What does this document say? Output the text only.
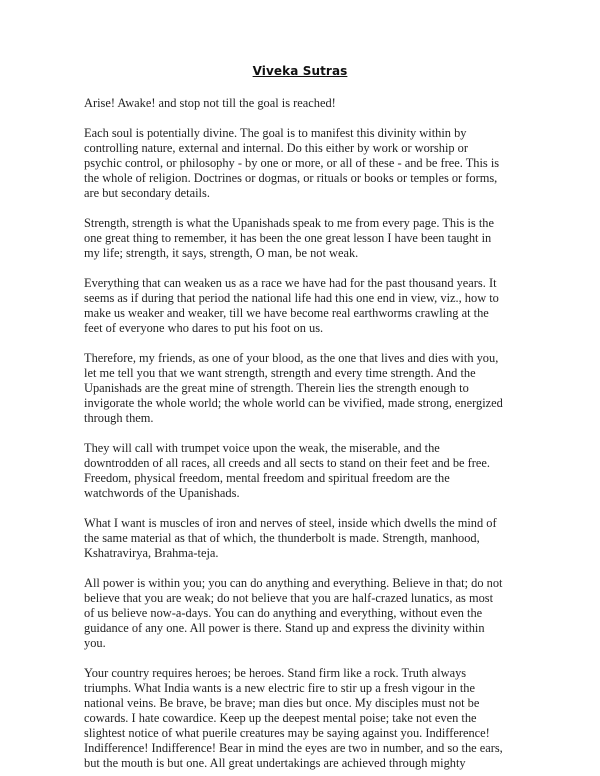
Viveka Sutras

Arise! Awake! and stop not till the goal is reached!

Each soul is potentially divine. The goal is to manifest this divinity within by
controlling nature, external and internal. Do this either by work or worship or
psychic control, or philosophy - by one or more, or all of these - and be free. This is
the whole of religion. Doctrines or dogmas, or rituals or books or temples or forms,
are but secondary details.

Strength, strength is what the Upanishads speak to me from every page. This is the
one great thing to remember, it has been the one great lesson I have been taught in
my life; strength, it says, strength, O man, be not weak.

Everything that can weaken us as a race we have had for the past thousand years. It
seems as if during that period the national life had this one end in view, viz., how to
make us weaker and weaker, till we have become real earthworms crawling at the
feet of everyone who dares to put his foot on us.

Therefore, my friends, as one of your blood, as the one that lives and dies with you,
let me tell you that we want strength, strength and every time strength. And the
Upanishads are the great mine of strength. Therein lies the strength enough to
invigorate the whole world; the whole world can be vivified, made strong, energized
through them.

They will call with trumpet voice upon the weak, the miserable, and the
downtrodden of all races, all creeds and all sects to stand on their feet and be free.
Freedom, physical freedom, mental freedom and spiritual freedom are the
watchwords of the Upanishads.

What I want is muscles of iron and nerves of steel, inside which dwells the mind of
the same material as that of which, the thunderbolt is made. Strength, manhood,
Kshatravirya, Brahma-teja.

All power is within you; you can do anything and everything. Believe in that; do not
believe that you are weak; do not believe that you are half-crazed lunatics, as most
of us believe now-a-days. You can do anything and everything, without even the
guidance of any one. All power is there. Stand up and express the divinity within
you.

Your country requires heroes; be heroes. Stand firm like a rock. Truth always
triumphs. What India wants is a new electric fire to stir up a fresh vigour in the
national veins. Be brave, be brave; man dies but once. My disciples must not be
cowards. I hate cowardice. Keep up the deepest mental poise; take not even the
slightest notice of what puerile creatures may be saying against you. Indifference!
Indifference! Indifference! Bear in mind the eyes are two in number, and so the ears,
but the mouth is but one. All great undertakings are achieved through mighty
